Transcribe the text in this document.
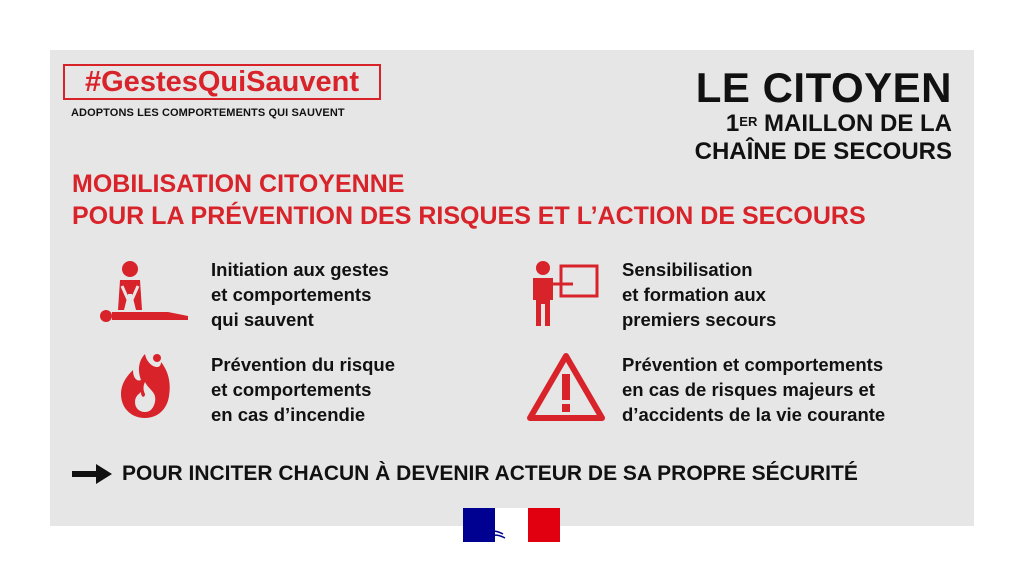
#GestesQuiSauvent
ADOPTONS LES COMPORTEMENTS QUI SAUVENT
LE CITOYEN
1ER MAILLON DE LA
CHAÎNE DE SECOURS
MOBILISATION CITOYENNE
POUR LA PRÉVENTION DES RISQUES ET L’ACTION DE SECOURS
Initiation aux gestes
et comportements
qui sauvent
Sensibilisation
et formation aux
premiers secours
Prévention du risque
et comportements
en cas d’incendie
Prévention et comportements
en cas de risques majeurs et
d’accidents de la vie courante
POUR INCITER CHACUN À DEVENIR ACTEUR DE SA PROPRE SÉCURITÉ
